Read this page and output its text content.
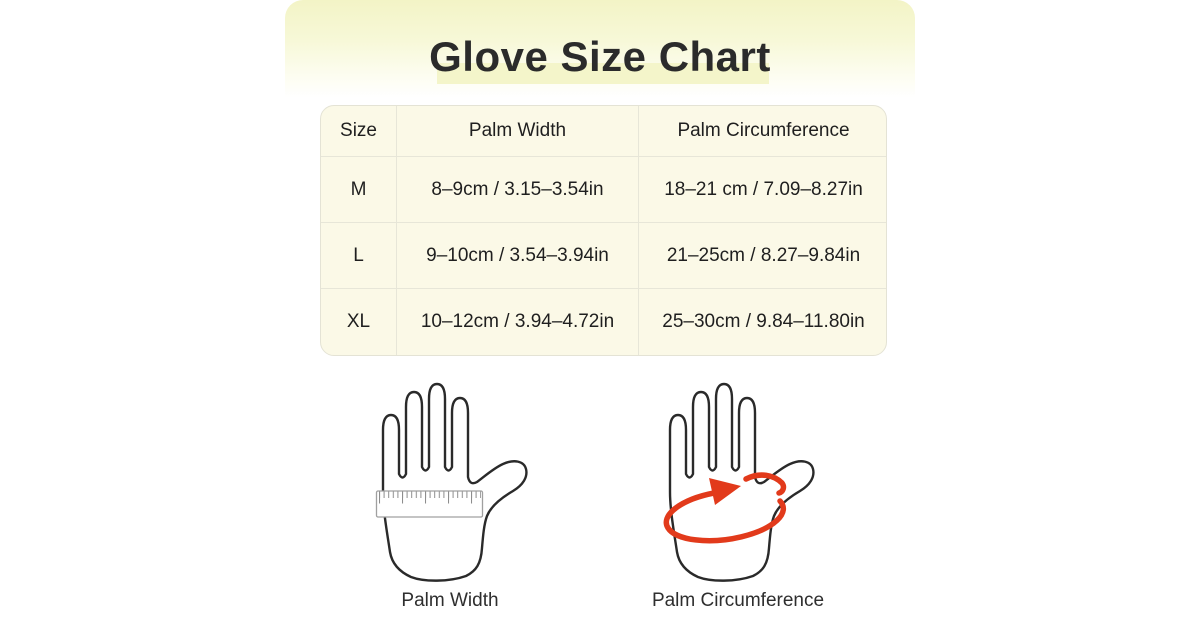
Glove Size Chart
Size	Palm Width	Palm Circumference
M	8–9cm / 3.15–3.54in	18–21 cm / 7.09–8.27in
L	9–10cm / 3.54–3.94in	21–25cm / 8.27–9.84in
XL	10–12cm / 3.94–4.72in	25–30cm / 9.84–11.80in
Palm Width	Palm Circumference
